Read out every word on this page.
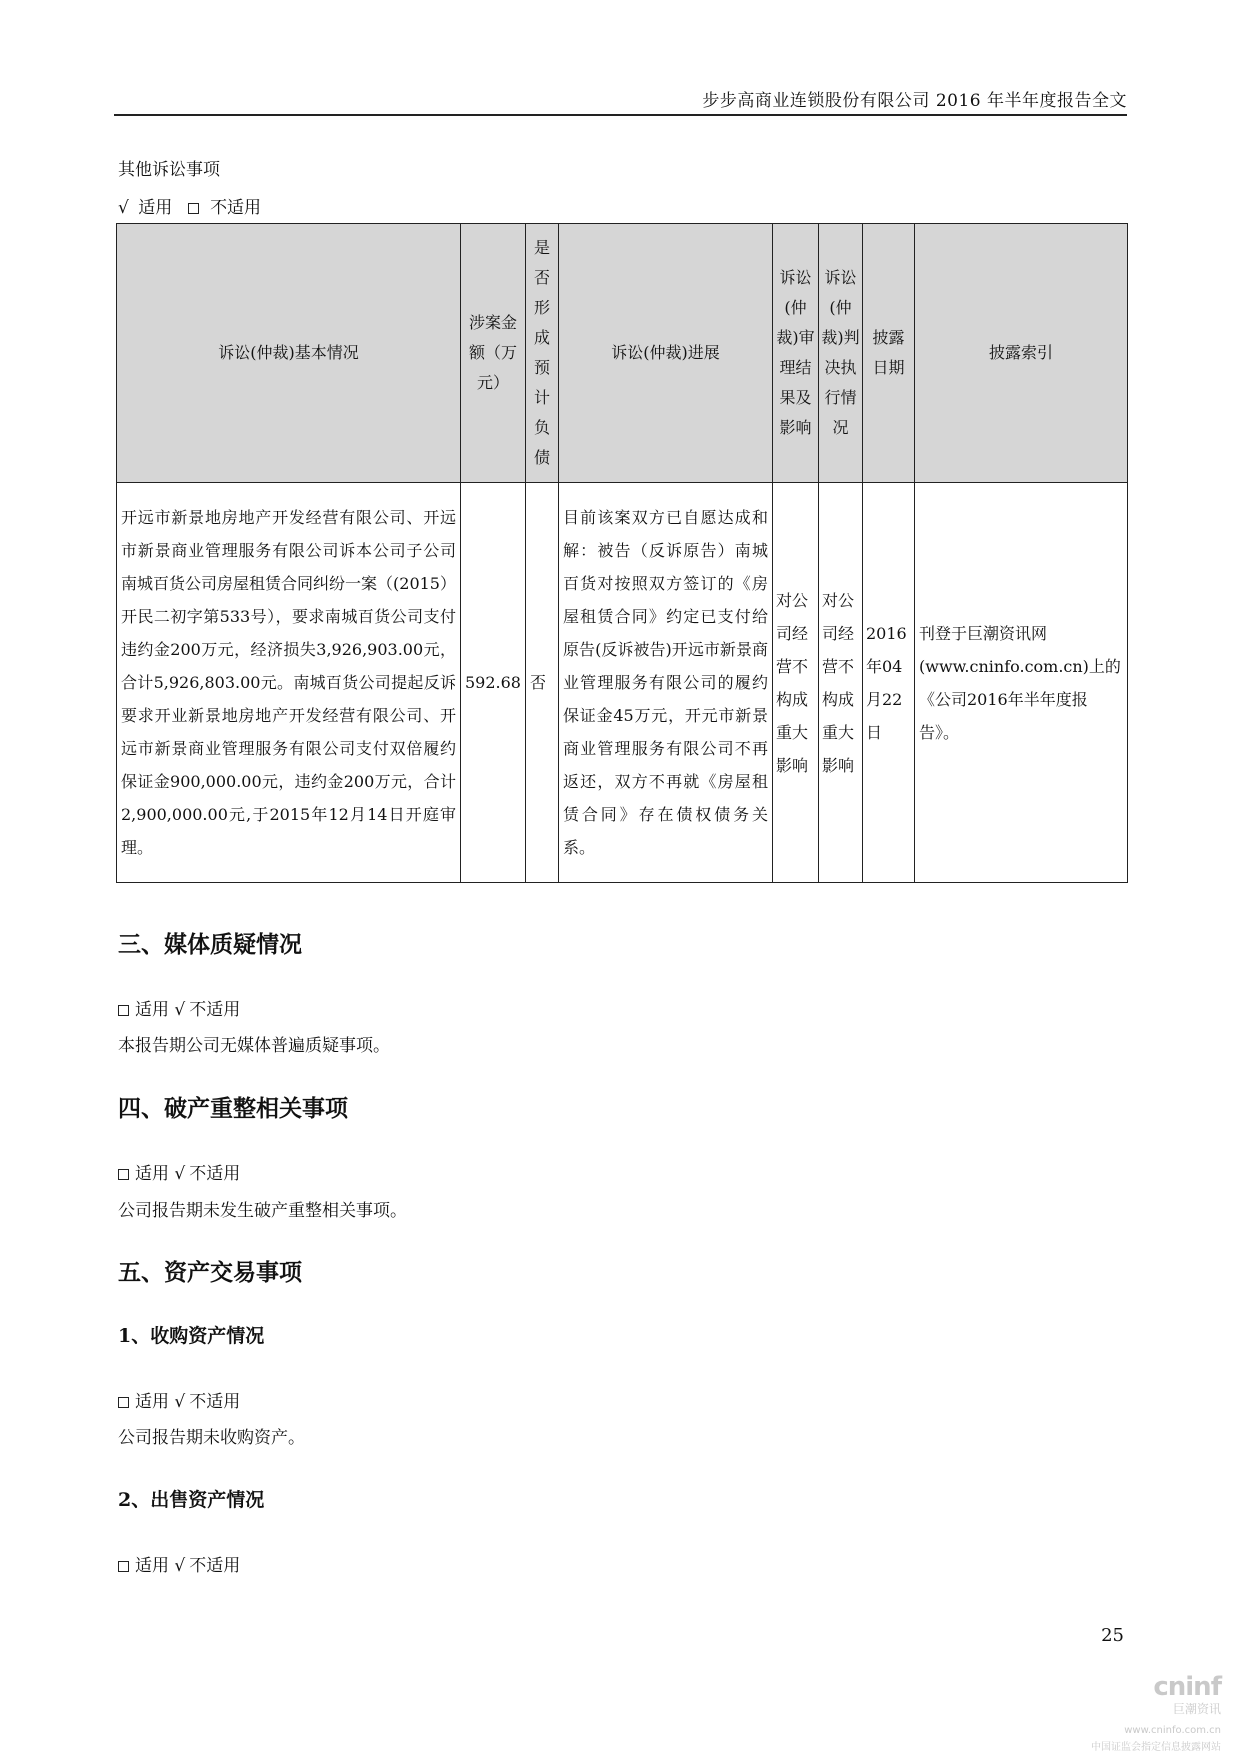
步步高商业连锁股份有限公司 2016 年半年度报告全文
其他诉讼事项
√ 适用 不适用
诉讼(仲裁)基本情况	涉案金额（万元）	是否形成预计负债	诉讼(仲裁)进展	诉讼(仲裁)审理结果及影响	诉讼(仲裁)判决执行情况	披露日期	披露索引
开远市新景地房地产开发经营有限公司、开远市新景商业管理服务有限公司诉本公司子公司南城百货公司房屋租赁合同纠纷一案（(2015）开民二初字第533号），要求南城百货公司支付违约金200万元，经济损失3,926,903.00元，合计5,926,803.00元。南城百货公司提起反诉要求开业新景地房地产开发经营有限公司、开远市新景商业管理服务有限公司支付双倍履约保证金900,000.00元，违约金200万元，合计2,900,000.00元,于2015年12月14日开庭审理。	592.68	否	目前该案双方已自愿达成和解：被告（反诉原告）南城百货对按照双方签订的《房屋租赁合同》约定已支付给原告(反诉被告)开远市新景商业管理服务有限公司的履约保证金45万元，开元市新景商业管理服务有限公司不再返还，双方不再就《房屋租赁合同》存在债权债务关系。	对公司经营不构成重大影响	对公司经营不构成重大影响	2016年04月22日	刊登于巨潮资讯网(www.cninfo.com.cn)上的《公司2016年半年度报告》。
三、媒体质疑情况
适用 √ 不适用
本报告期公司无媒体普遍质疑事项。
四、破产重整相关事项
适用 √ 不适用
公司报告期未发生破产重整相关事项。
五、资产交易事项
1、收购资产情况
适用 √ 不适用
公司报告期未收购资产。
2、出售资产情况
适用 √ 不适用
25
cninf
巨潮资讯
www.cninfo.com.cn
中国证监会指定信息披露网站
